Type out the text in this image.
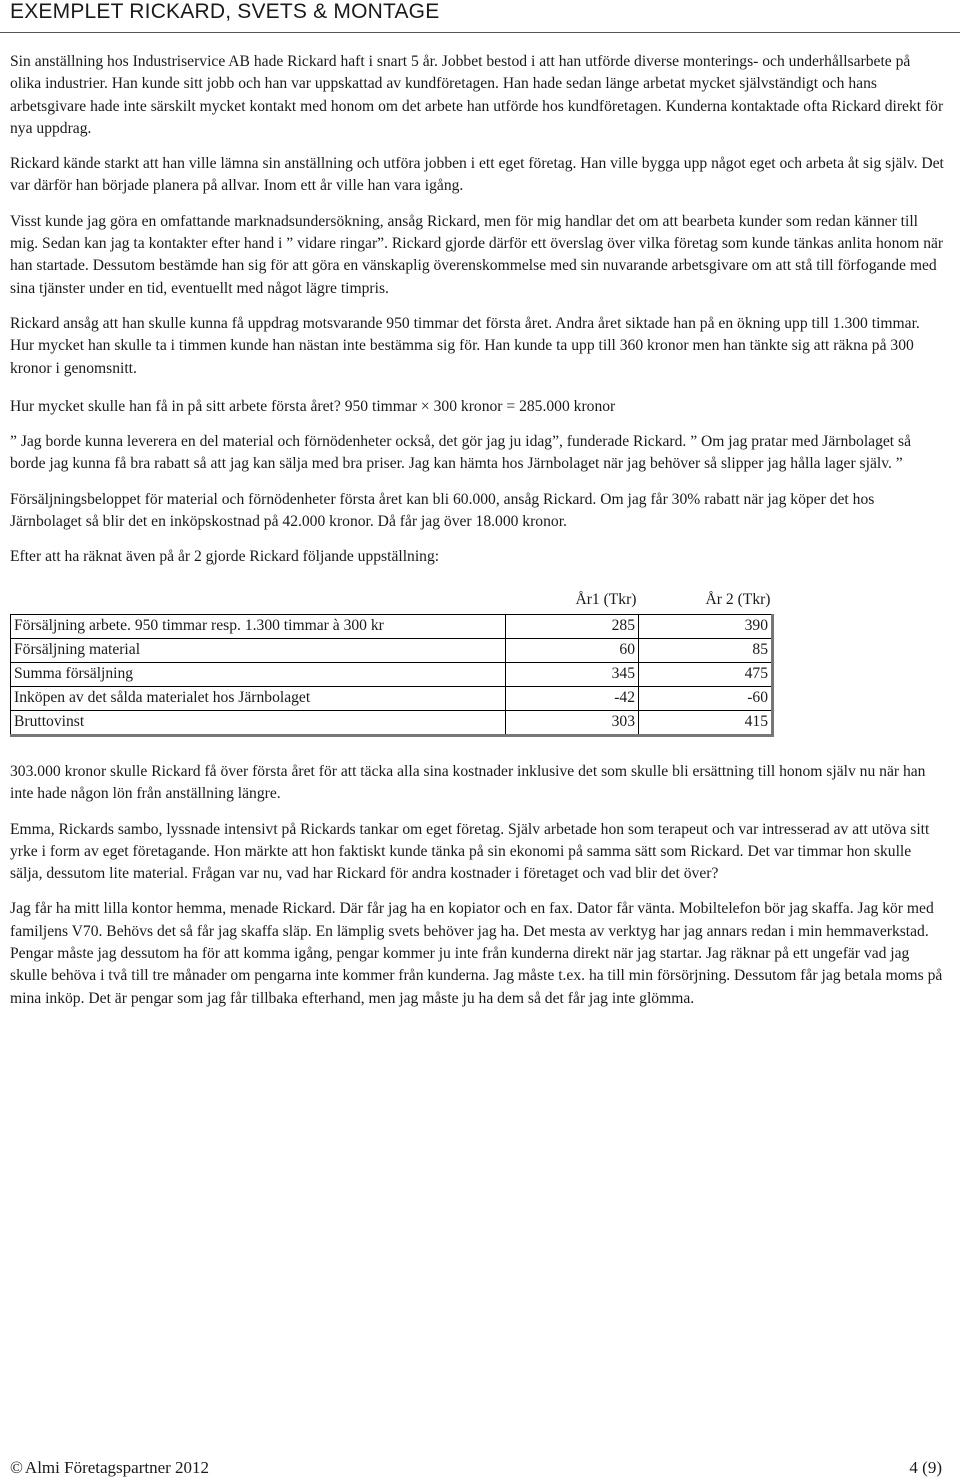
EXEMPLET RICKARD, SVETS & MONTAGE

Sin anställning hos Industriservice AB hade Rickard haft i snart 5 år. Jobbet bestod i att han utförde diverse monterings- och underhållsarbete på olika industrier. Han kunde sitt jobb och han var uppskattad av kundföretagen. Han hade sedan länge arbetat mycket självständigt och hans arbetsgivare hade inte särskilt mycket kontakt med honom om det arbete han utförde hos kundföretagen. Kunderna kontaktade ofta Rickard direkt för nya uppdrag.

Rickard kände starkt att han ville lämna sin anställning och utföra jobben i ett eget företag. Han ville bygga upp något eget och arbeta åt sig själv. Det var därför han började planera på allvar. Inom ett år ville han vara igång.

Visst kunde jag göra en omfattande marknadsundersökning, ansåg Rickard, men för mig handlar det om att bearbeta kunder som redan känner till mig. Sedan kan jag ta kontakter efter hand i ” vidare ringar”. Rickard gjorde därför ett överslag över vilka företag som kunde tänkas anlita honom när han startade. Dessutom bestämde han sig för att göra en vänskaplig överenskommelse med sin nuvarande arbetsgivare om att stå till förfogande med sina tjänster under en tid, eventuellt med något lägre timpris.

Rickard ansåg att han skulle kunna få uppdrag motsvarande 950 timmar det första året. Andra året siktade han på en ökning upp till 1.300 timmar. Hur mycket han skulle ta i timmen kunde han nästan inte bestämma sig för. Han kunde ta upp till 360 kronor men han tänkte sig att räkna på 300 kronor i genomsnitt.

Hur mycket skulle han få in på sitt arbete första året? 950 timmar × 300 kronor = 285.000 kronor

” Jag borde kunna leverera en del material och förnödenheter också, det gör jag ju idag”, funderade Rickard. ” Om jag pratar med Järnbolaget så borde jag kunna få bra rabatt så att jag kan sälja med bra priser. Jag kan hämta hos Järnbolaget när jag behöver så slipper jag hålla lager själv. ”

Försäljningsbeloppet för material och förnödenheter första året kan bli 60.000, ansåg Rickard. Om jag får 30% rabatt när jag köper det hos Järnbolaget så blir det en inköpskostnad på 42.000 kronor. Då får jag över 18.000 kronor.

Efter att ha räknat även på år 2 gjorde Rickard följande uppställning:

	År1 (Tkr)	År 2 (Tkr)
Försäljning arbete. 950 timmar resp. 1.300 timmar à 300 kr	285	390
Försäljning material	60	85
Summa försäljning	345	475
Inköpen av det sålda materialet hos Järnbolaget	-42	-60
Bruttovinst	303	415

303.000 kronor skulle Rickard få över första året för att täcka alla sina kostnader inklusive det som skulle bli ersättning till honom själv nu när han inte hade någon lön från anställning längre.

Emma, Rickards sambo, lyssnade intensivt på Rickards tankar om eget företag. Själv arbetade hon som terapeut och var intresserad av att utöva sitt yrke i form av eget företagande. Hon märkte att hon faktiskt kunde tänka på sin ekonomi på samma sätt som Rickard. Det var timmar hon skulle sälja, dessutom lite material. Frågan var nu, vad har Rickard för andra kostnader i företaget och vad blir det över?

Jag får ha mitt lilla kontor hemma, menade Rickard. Där får jag ha en kopiator och en fax. Dator får vänta. Mobiltelefon bör jag skaffa. Jag kör med familjens V70. Behövs det så får jag skaffa släp. En lämplig svets behöver jag ha. Det mesta av verktyg har jag annars redan i min hemmaverkstad. Pengar måste jag dessutom ha för att komma igång, pengar kommer ju inte från kunderna direkt när jag startar. Jag räknar på ett ungefär vad jag skulle behöva i två till tre månader om pengarna inte kommer från kunderna. Jag måste t.ex. ha till min försörjning. Dessutom får jag betala moms på mina inköp. Det är pengar som jag får tillbaka efterhand, men jag måste ju ha dem så det får jag inte glömma.

© Almi Företagspartner 2012	4 (9)
